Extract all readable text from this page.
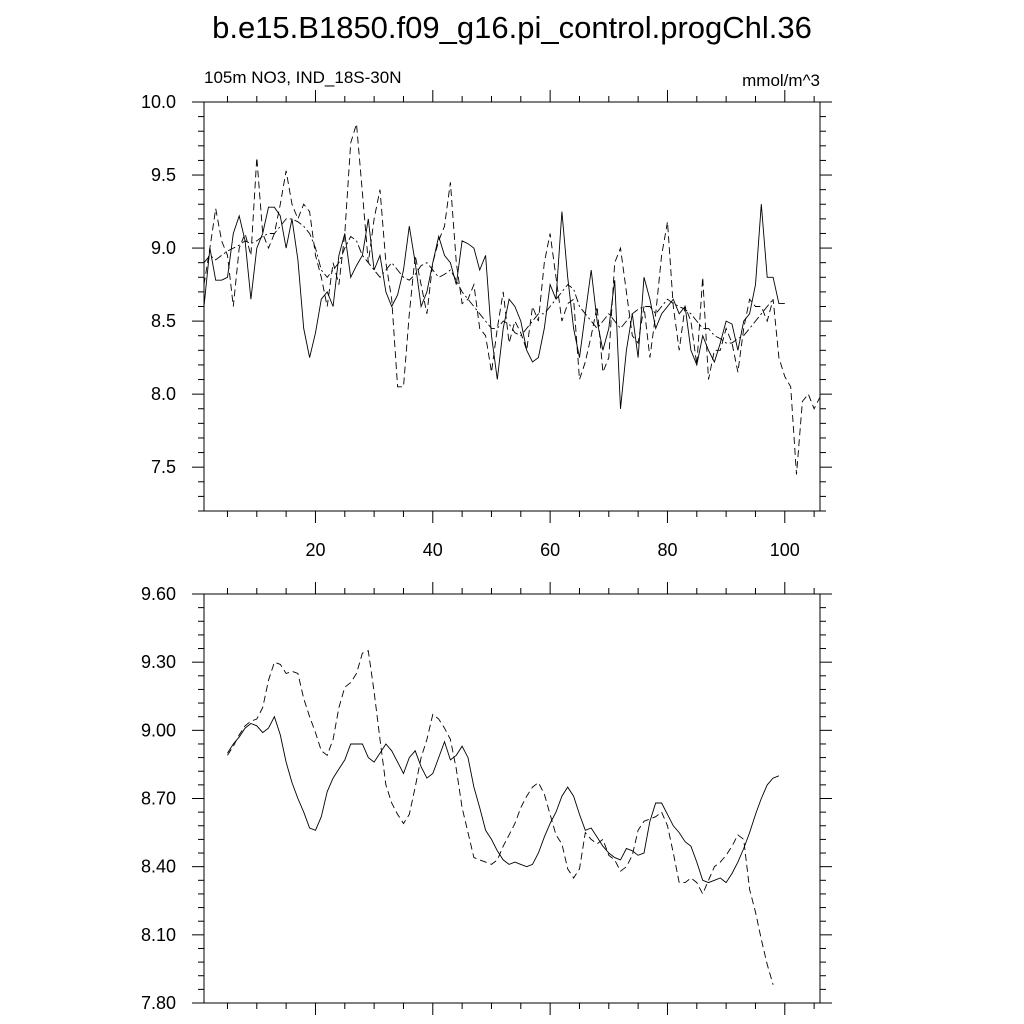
b.e15.B1850.f09_g16.pi_control.progChl.36
105m NO3, IND_18S-30N	mmol/m^3
20	40	60	80	100
7.5
8.0
8.5
9.0
9.5
10.0
7.80
8.10
8.40
8.70
9.00
9.30
9.60
